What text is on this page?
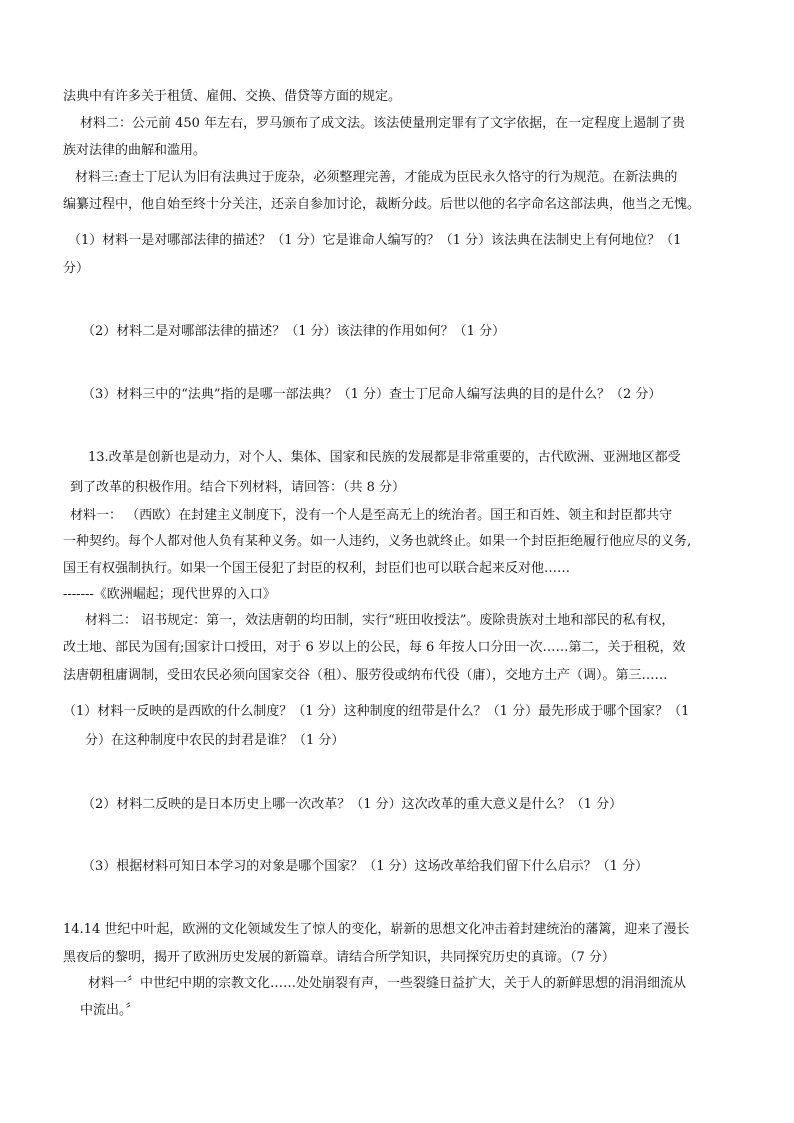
法典中有许多关于租赁、雇佣、交换、借贷等方面的规定。
材料二：公元前 450 年左右，罗马颁布了成文法。该法使量刑定罪有了文字依据，在一定程度上遏制了贵
族对法律的曲解和滥用。
材料三:查士丁尼认为旧有法典过于庞杂，必须整理完善，才能成为臣民永久恪守的行为规范。在新法典的
编纂过程中，他自始至终十分关注，还亲自参加讨论，裁断分歧。后世以他的名字命名这部法典，他当之无愧。
（1）材料一是对哪部法律的描述？（1 分）它是谁命人编写的？（1 分）该法典在法制史上有何地位？（1
分）
（2）材料二是对哪部法律的描述？（1 分）该法律的作用如何？（1 分）
（3）材料三中的“法典”指的是哪一部法典？（1 分）查士丁尼命人编写法典的目的是什么？（2 分）
13.改革是创新也是动力，对个人、集体、国家和民族的发展都是非常重要的，古代欧洲、亚洲地区都受
到了改革的积极作用。结合下列材料，请回答：（共 8 分）
材料一： （西欧）在封建主义制度下，没有一个人是至高无上的统治者。国王和百姓、领主和封臣都共守
一种契约。每个人都对他人负有某种义务。如一人违约，义务也就终止。如果一个封臣拒绝履行他应尽的义务,
国王有权强制执行。如果一个国王侵犯了封臣的权利，封臣们也可以联合起来反对他……
-------《欧洲崛起；现代世界的入口》
材料二： 诏书规定：第一，效法唐朝的均田制，实行“班田收授法”。废除贵族对土地和部民的私有权，
改土地、部民为国有;国家计口授田，对于 6 岁以上的公民，每 6 年按人口分田一次……第二，关于租税，效
法唐朝租庸调制，受田农民必须向国家交谷（租）、服劳役或纳布代役（庸），交地方土产（调）。第三……
（1）材料一反映的是西欧的什么制度？（1 分）这种制度的纽带是什么？（1 分）最先形成于哪个国家？（1
分）在这种制度中农民的封君是谁？（1 分）
（2）材料二反映的是日本历史上哪一次改革？（1 分）这次改革的重大意义是什么？（1 分）
（3）根据材料可知日本学习的对象是哪个国家？（1 分）这场改革给我们留下什么启示？（1 分）
14.14 世纪中叶起，欧洲的文化领域发生了惊人的变化，崭新的思想文化冲击着封建统治的藩篱，迎来了漫长
黑夜后的黎明，揭开了欧洲历史发展的新篇章。请结合所学知识，共同探究历史的真谛。（7 分）
材料一〞中世纪中期的宗教文化……处处崩裂有声，一些裂缝日益扩大，关于人的新鲜思想的涓涓细流从
中流出。〞
